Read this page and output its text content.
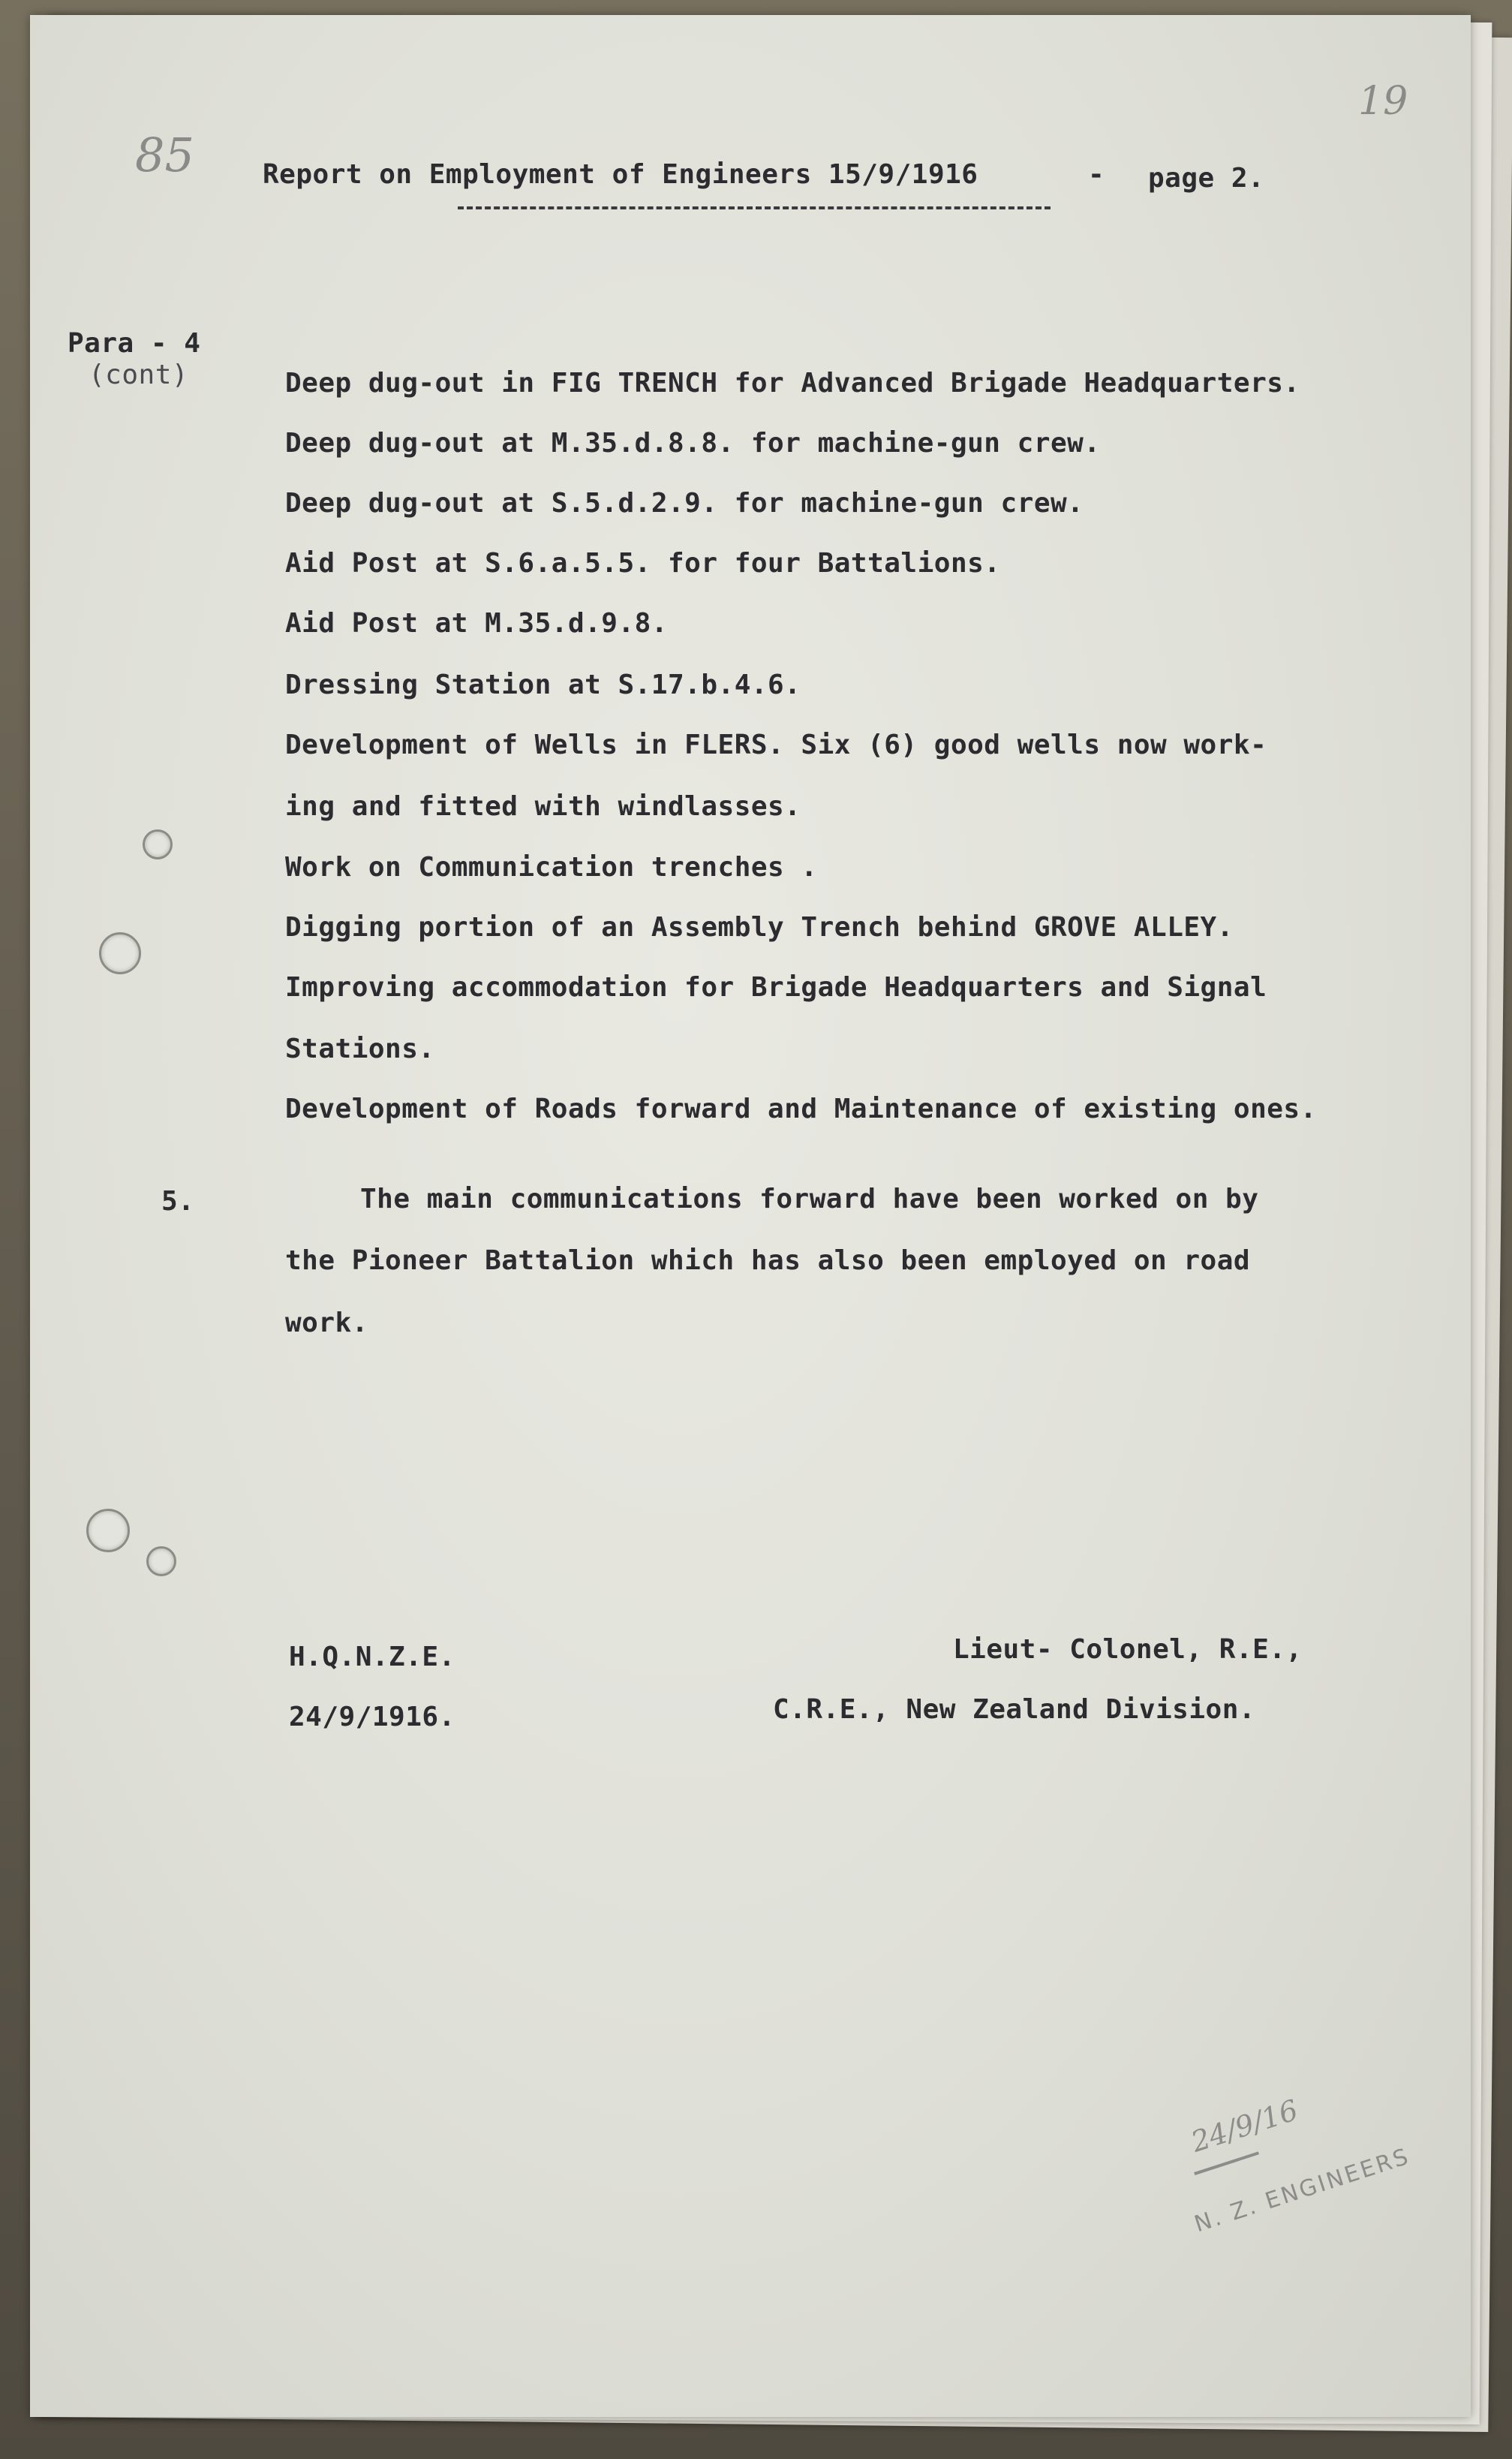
85
19
Report on Employment of Engineers 15/9/1916	- page 2.
Para - 4
(cont)	Deep dug-out in FIG TRENCH for Advanced Brigade Headquarters.
Deep dug-out at M.35.d.8.8. for machine-gun crew.
Deep dug-out at S.5.d.2.9. for machine-gun crew.
Aid Post at S.6.a.5.5. for four Battalions.
Aid Post at M.35.d.9.8.
Dressing Station at S.17.b.4.6.
Development of Wells in FLERS. Six (6) good wells now work-
ing and fitted with windlasses.
Work on Communication trenches .
Digging portion of an Assembly Trench behind GROVE ALLEY.
Improving accommodation for Brigade Headquarters and Signal
Stations.
Development of Roads forward and Maintenance of existing ones.
5.	The main communications forward have been worked on by
the Pioneer Battalion which has also been employed on road
work.
H.Q.N.Z.E.
24/9/1916.
Lieut- Colonel, R.E.,
C.R.E., New Zealand Division.
24/9/16
N. Z. ENGINEERS
